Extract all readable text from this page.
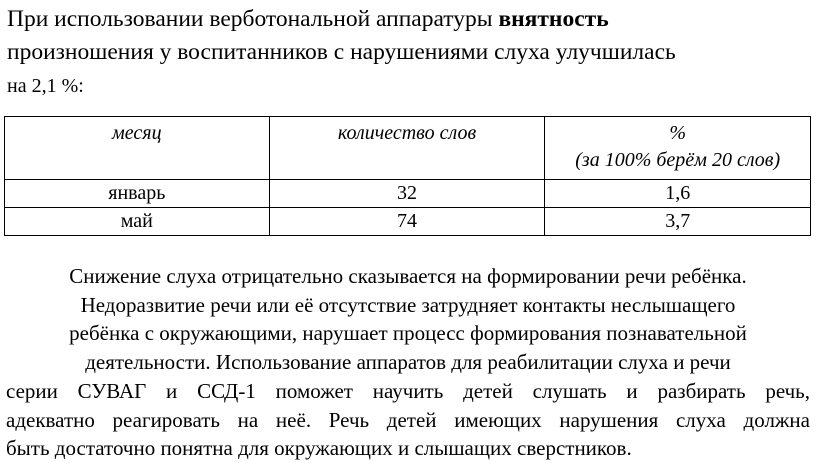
При использовании верботональной аппаратуры внятность
произношения у воспитанников с нарушениями слуха улучшилась
на 2,1 %:

месяц	количество слов	%
(за 100% берём 20 слов)
январь	32	1,6
май	74	3,7
Снижение слуха отрицательно сказывается на формировании речи ребёнка.
Недоразвитие речи или её отсутствие затрудняет контакты неслышащего
ребёнка с окружающими, нарушает процесс формирования познавательной
деятельности. Использование аппаратов для реабилитации слуха и речи
серии СУВАГ и ССД-1 поможет научить детей слушать и разбирать речь,
адекватно реагировать на неё. Речь детей имеющих нарушения слуха должна
быть достаточно понятна для окружающих и слышащих сверстников.
